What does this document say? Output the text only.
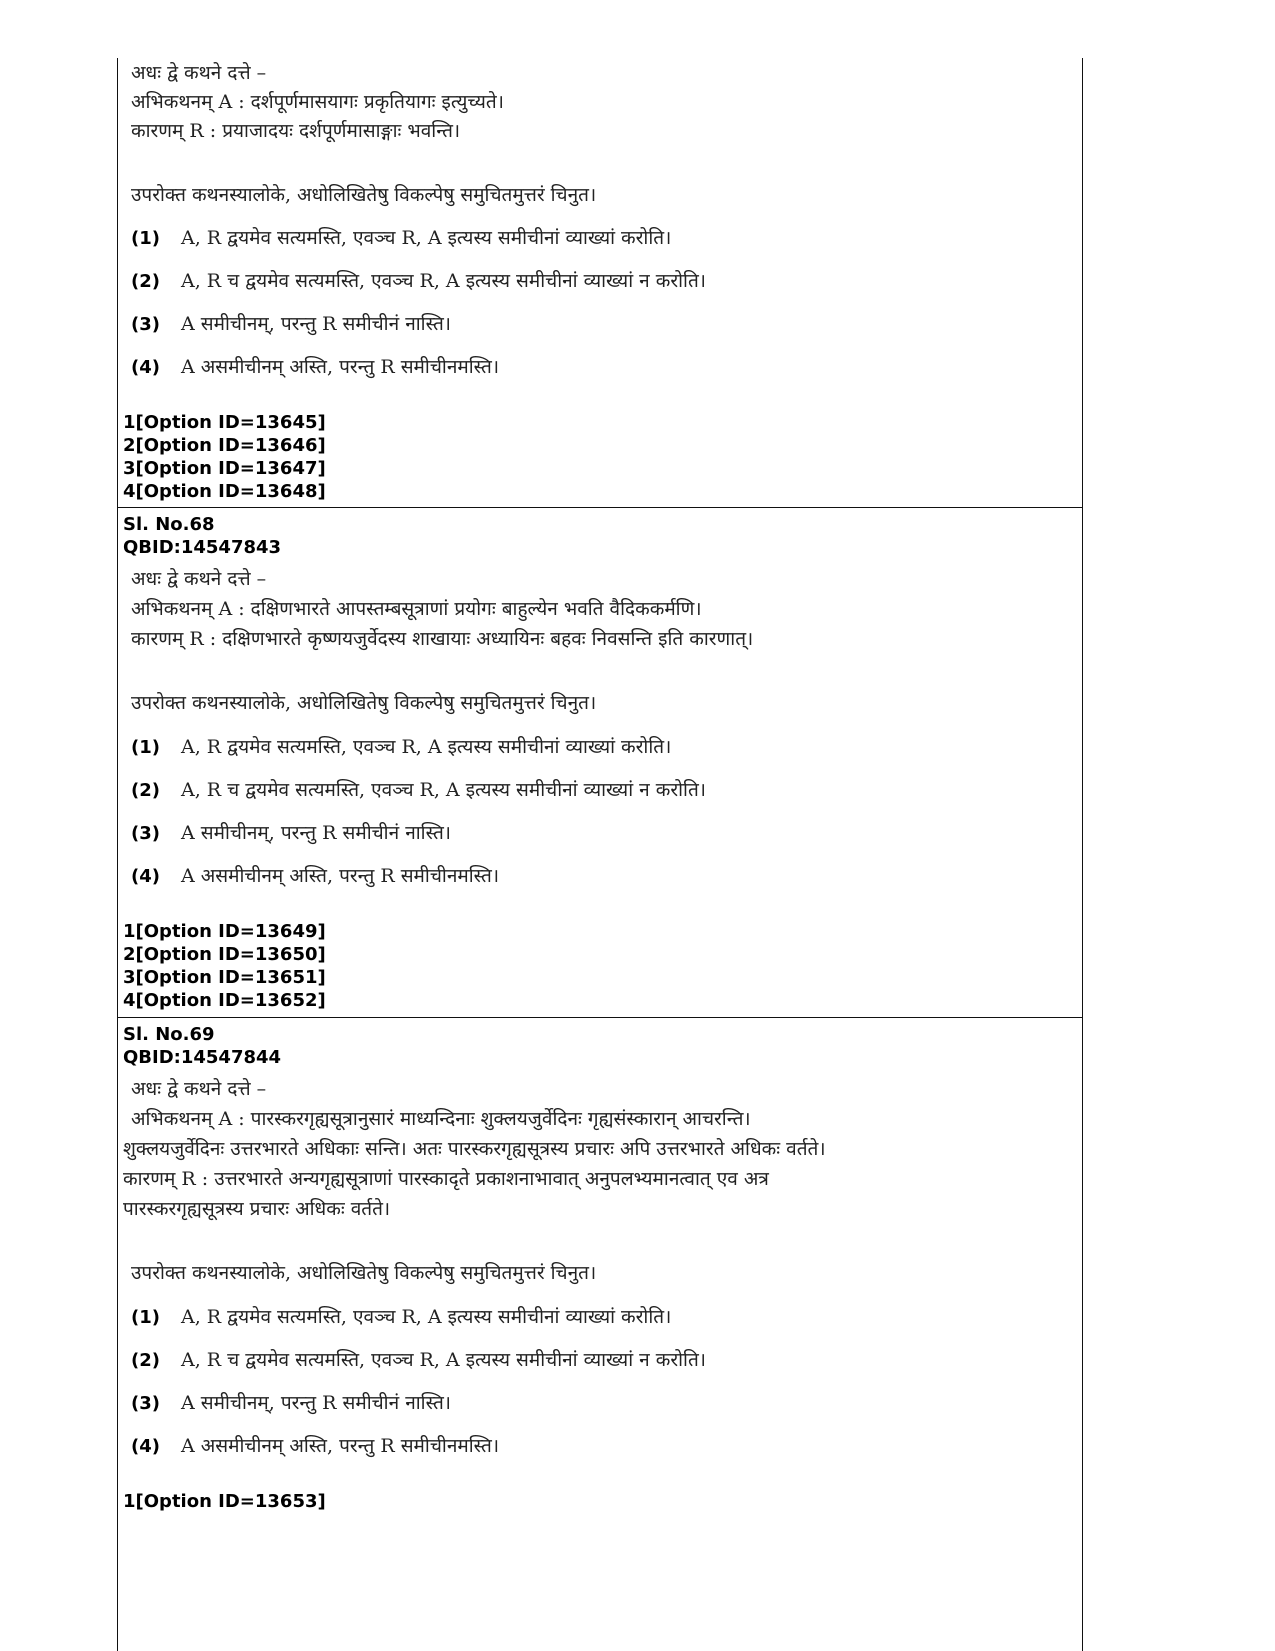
अधः द्वे कथने दत्ते –
अभिकथनम् A : दर्शपूर्णमासयागः प्रकृतियागः इत्युच्यते।
कारणम् R : प्रयाजादयः दर्शपूर्णमासाङ्गाः भवन्ति।
उपरोक्त कथनस्यालोके, अधोलिखितेषु विकल्पेषु समुचितमुत्तरं चिनुत।
(1) A, R द्वयमेव सत्यमस्ति, एवञ्च R, A इत्यस्य समीचीनां व्याख्यां करोति।
(2) A, R च द्वयमेव सत्यमस्ति, एवञ्च R, A इत्यस्य समीचीनां व्याख्यां न करोति।
(3) A समीचीनम्, परन्तु R समीचीनं नास्ति।
(4) A असमीचीनम् अस्ति, परन्तु R समीचीनमस्ति।
1[Option ID=13645]
2[Option ID=13646]
3[Option ID=13647]
4[Option ID=13648]
Sl. No.68
QBID:14547843
अधः द्वे कथने दत्ते –
अभिकथनम् A : दक्षिणभारते आपस्तम्बसूत्राणां प्रयोगः बाहुल्येन भवति वैदिककर्मणि।
कारणम् R : दक्षिणभारते कृष्णयजुर्वेदस्य शाखायाः अध्यायिनः बहवः निवसन्ति इति कारणात्।
उपरोक्त कथनस्यालोके, अधोलिखितेषु विकल्पेषु समुचितमुत्तरं चिनुत।
(1) A, R द्वयमेव सत्यमस्ति, एवञ्च R, A इत्यस्य समीचीनां व्याख्यां करोति।
(2) A, R च द्वयमेव सत्यमस्ति, एवञ्च R, A इत्यस्य समीचीनां व्याख्यां न करोति।
(3) A समीचीनम्, परन्तु R समीचीनं नास्ति।
(4) A असमीचीनम् अस्ति, परन्तु R समीचीनमस्ति।
1[Option ID=13649]
2[Option ID=13650]
3[Option ID=13651]
4[Option ID=13652]
Sl. No.69
QBID:14547844
अधः द्वे कथने दत्ते –
अभिकथनम् A : पारस्करगृह्यसूत्रानुसारं माध्यन्दिनाः शुक्लयजुर्वेदिनः गृह्यसंस्कारान् आचरन्ति।
शुक्लयजुर्वेदिनः उत्तरभारते अधिकाः सन्ति। अतः पारस्करगृह्यसूत्रस्य प्रचारः अपि उत्तरभारते अधिकः वर्तते।
कारणम् R : उत्तरभारते अन्यगृह्यसूत्राणां पारस्कादृते प्रकाशनाभावात् अनुपलभ्यमानत्वात् एव अत्र
पारस्करगृह्यसूत्रस्य प्रचारः अधिकः वर्तते।
उपरोक्त कथनस्यालोके, अधोलिखितेषु विकल्पेषु समुचितमुत्तरं चिनुत।
(1) A, R द्वयमेव सत्यमस्ति, एवञ्च R, A इत्यस्य समीचीनां व्याख्यां करोति।
(2) A, R च द्वयमेव सत्यमस्ति, एवञ्च R, A इत्यस्य समीचीनां व्याख्यां न करोति।
(3) A समीचीनम्, परन्तु R समीचीनं नास्ति।
(4) A असमीचीनम् अस्ति, परन्तु R समीचीनमस्ति।
1[Option ID=13653]
